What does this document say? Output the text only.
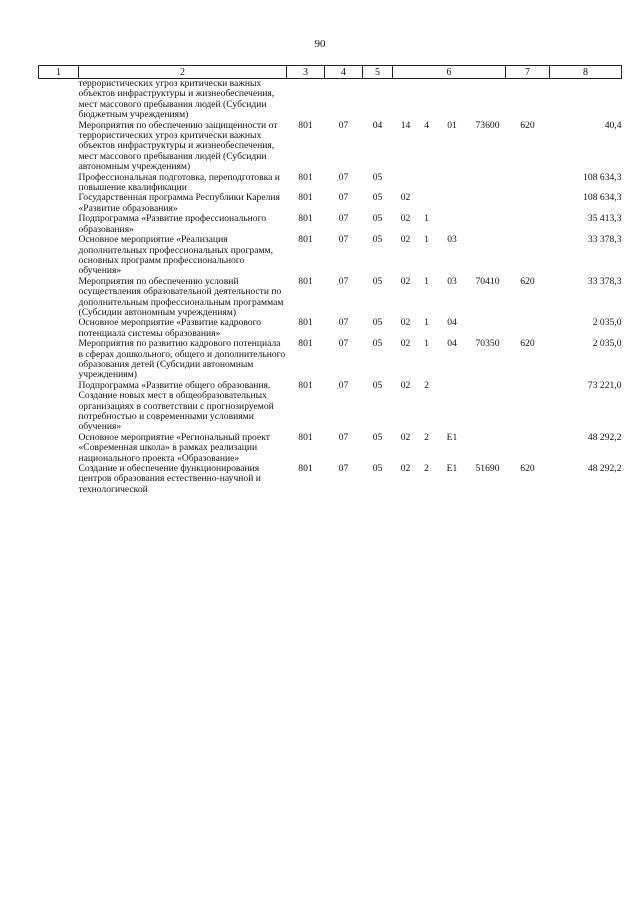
90
1	2	3	4	5	6				7	8
	террористических угроз критически важных объектов инфраструктуры и жизнеобеспечения, мест массового пребывания людей (Субсидии бюджетным учреждениям)									
	Мероприятия по обеспечению защищенности от террористических угроз критически важных объектов инфраструктуры и жизнеобеспечения, мест массового пребывания людей (Субсидии автономным учреждениям)	801	07	04	14	4	01	73600	620	40,4
	Профессиональная подготовка, переподготовка и повышение квалификации	801	07	05						108 634,3
	Государственная программа Республики Карелия «Развитие образования»	801	07	05	02					108 634,3
	Подпрограмма «Развитие профессионального образования»	801	07	05	02	1				35 413,3
	Основное мероприятие «Реализация дополнительных профессиональных программ, основных программ профессионального обучения»	801	07	05	02	1	03			33 378,3
	Мероприятия по обеспечению условий осуществления образовательной деятельности по дополнительным профессиональным программам (Субсидии автономным учреждениям)	801	07	05	02	1	03	70410	620	33 378,3
	Основное мероприятие «Развитие кадрового потенциала системы образования»	801	07	05	02	1	04			2 035,0
	Мероприятия по развитию кадрового потенциала в сферах дошкольного, общего и дополнительного образования детей (Субсидии автономным учреждениям)	801	07	05	02	1	04	70350	620	2 035,0
	Подпрограмма «Развитие общего образования. Создание новых мест в общеобразовательных организациях в соответствии с прогнозируемой потребностью и современными условиями обучения»	801	07	05	02	2				73 221,0
	Основное мероприятие «Региональный проект «Современная школа» в рамках реализации национального проекта «Образование»	801	07	05	02	2	E1			48 292,2
	Создание и обеспечение функционирования центров образования естественно-научной и технологической	801	07	05	02	2	E1	51690	620	48 292,2
